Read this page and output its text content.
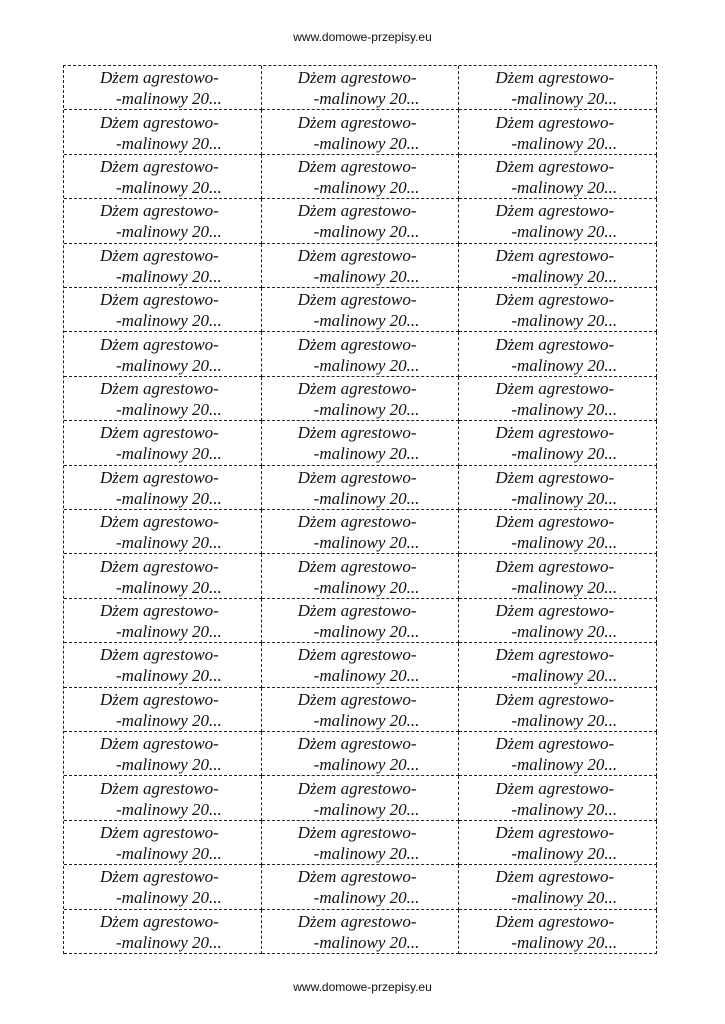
www.domowe-przepisy.eu
Dżem agrestowo-
-malinowy 20...
Dżem agrestowo-
-malinowy 20...
Dżem agrestowo-
-malinowy 20...
Dżem agrestowo-
-malinowy 20...
Dżem agrestowo-
-malinowy 20...
Dżem agrestowo-
-malinowy 20...
Dżem agrestowo-
-malinowy 20...
Dżem agrestowo-
-malinowy 20...
Dżem agrestowo-
-malinowy 20...
Dżem agrestowo-
-malinowy 20...
Dżem agrestowo-
-malinowy 20...
Dżem agrestowo-
-malinowy 20...
Dżem agrestowo-
-malinowy 20...
Dżem agrestowo-
-malinowy 20...
Dżem agrestowo-
-malinowy 20...
Dżem agrestowo-
-malinowy 20...
Dżem agrestowo-
-malinowy 20...
Dżem agrestowo-
-malinowy 20...
Dżem agrestowo-
-malinowy 20...
Dżem agrestowo-
-malinowy 20...
Dżem agrestowo-
-malinowy 20...
Dżem agrestowo-
-malinowy 20...
Dżem agrestowo-
-malinowy 20...
Dżem agrestowo-
-malinowy 20...
Dżem agrestowo-
-malinowy 20...
Dżem agrestowo-
-malinowy 20...
Dżem agrestowo-
-malinowy 20...
Dżem agrestowo-
-malinowy 20...
Dżem agrestowo-
-malinowy 20...
Dżem agrestowo-
-malinowy 20...
Dżem agrestowo-
-malinowy 20...
Dżem agrestowo-
-malinowy 20...
Dżem agrestowo-
-malinowy 20...
Dżem agrestowo-
-malinowy 20...
Dżem agrestowo-
-malinowy 20...
Dżem agrestowo-
-malinowy 20...
Dżem agrestowo-
-malinowy 20...
Dżem agrestowo-
-malinowy 20...
Dżem agrestowo-
-malinowy 20...
Dżem agrestowo-
-malinowy 20...
Dżem agrestowo-
-malinowy 20...
Dżem agrestowo-
-malinowy 20...
Dżem agrestowo-
-malinowy 20...
Dżem agrestowo-
-malinowy 20...
Dżem agrestowo-
-malinowy 20...
Dżem agrestowo-
-malinowy 20...
Dżem agrestowo-
-malinowy 20...
Dżem agrestowo-
-malinowy 20...
Dżem agrestowo-
-malinowy 20...
Dżem agrestowo-
-malinowy 20...
Dżem agrestowo-
-malinowy 20...
Dżem agrestowo-
-malinowy 20...
Dżem agrestowo-
-malinowy 20...
Dżem agrestowo-
-malinowy 20...
Dżem agrestowo-
-malinowy 20...
Dżem agrestowo-
-malinowy 20...
Dżem agrestowo-
-malinowy 20...
Dżem agrestowo-
-malinowy 20...
Dżem agrestowo-
-malinowy 20...
Dżem agrestowo-
-malinowy 20...
www.domowe-przepisy.eu
